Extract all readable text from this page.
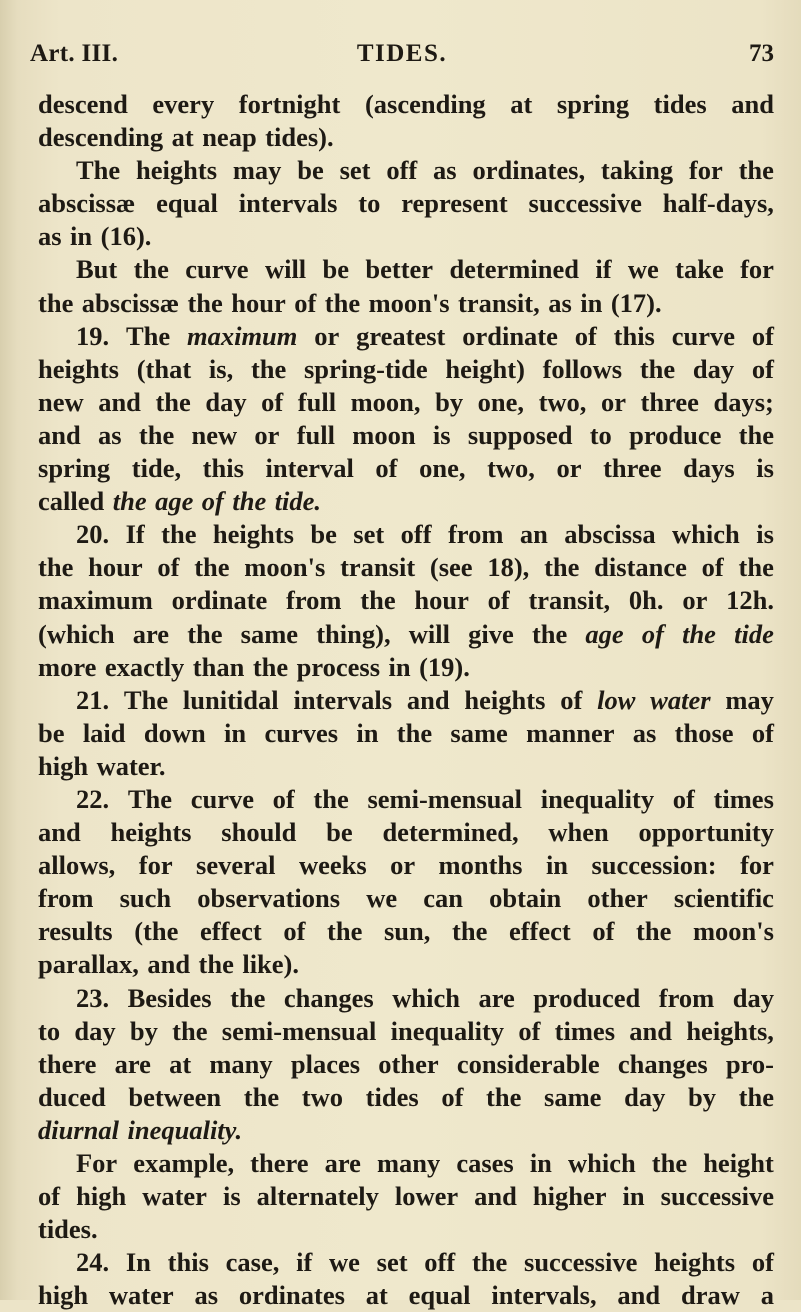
Art. III.	TIDES.	73
descend every fortnight (ascending at spring tides and
descending at neap tides).
The heights may be set off as ordinates, taking for the
abscissæ equal intervals to represent successive half-days,
as in (16).
But the curve will be better determined if we take for
the abscissæ the hour of the moon's transit, as in (17).
19. The maximum or greatest ordinate of this curve of
heights (that is, the spring-tide height) follows the day of
new and the day of full moon, by one, two, or three days;
and as the new or full moon is supposed to produce the
spring tide, this interval of one, two, or three days is
called the age of the tide.
20. If the heights be set off from an abscissa which is
the hour of the moon's transit (see 18), the distance of the
maximum ordinate from the hour of transit, 0h. or 12h.
(which are the same thing), will give the age of the tide
more exactly than the process in (19).
21. The lunitidal intervals and heights of low water may
be laid down in curves in the same manner as those of
high water.
22. The curve of the semi-mensual inequality of times
and heights should be determined, when opportunity
allows, for several weeks or months in succession: for
from such observations we can obtain other scientific
results (the effect of the sun, the effect of the moon's
parallax, and the like).
23. Besides the changes which are produced from day
to day by the semi-mensual inequality of times and heights,
there are at many places other considerable changes pro-
duced between the two tides of the same day by the
diurnal inequality.
For example, there are many cases in which the height
of high water is alternately lower and higher in successive
tides.
24. In this case, if we set off the successive heights of
high water as ordinates at equal intervals, and draw a
